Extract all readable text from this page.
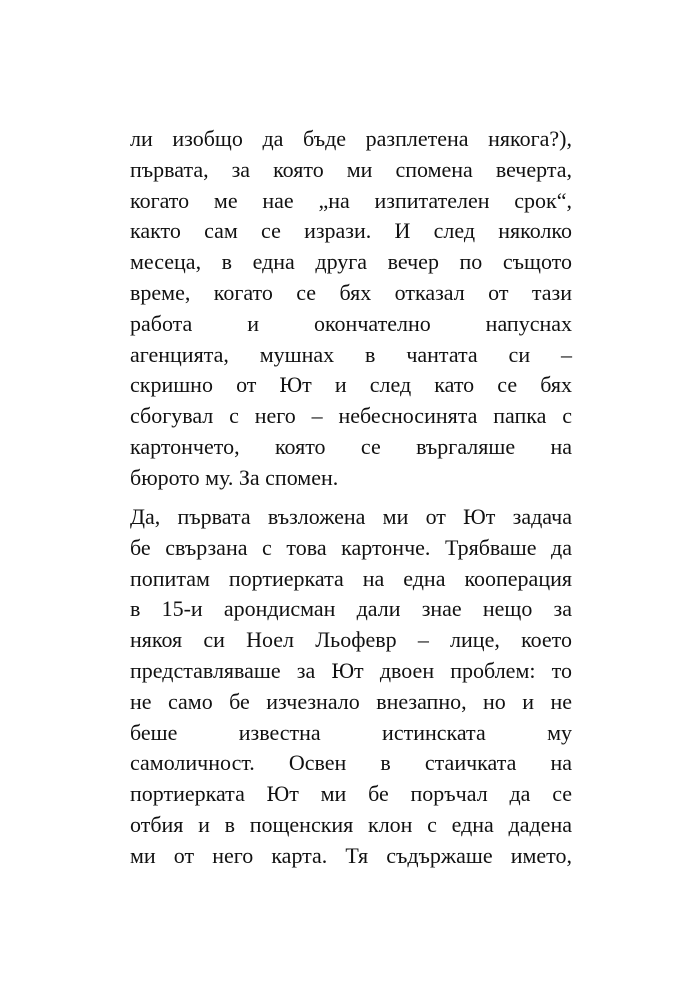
ли изобщо да бъде разплетена някога?),
първата, за която ми спомена вечерта,
когато ме нае „на изпитателен срок“,
както сам се изрази. И след няколко
месеца, в една друга вечер по същото
време, когато се бях отказал от тази
работа и окончателно напуснах
агенцията, мушнах в чантата си –
скришно от Ют и след като се бях
сбогувал с него – небесносинята папка с
картончето, която се въргаляше на
бюрото му. За спомен.
Да, първата възложена ми от Ют задача
бе свързана с това картонче. Трябваше да
попитам портиерката на една кооперация
в 15-и арондисман дали знае нещо за
някоя си Ноел Льофевр – лице, което
представляваше за Ют двоен проблем: то
не само бе изчезнало внезапно, но и не
беше известна истинската му
самоличност. Освен в стаичката на
портиерката Ют ми бе поръчал да се
отбия и в пощенския клон с една дадена
ми от него карта. Тя съдържаше името,
